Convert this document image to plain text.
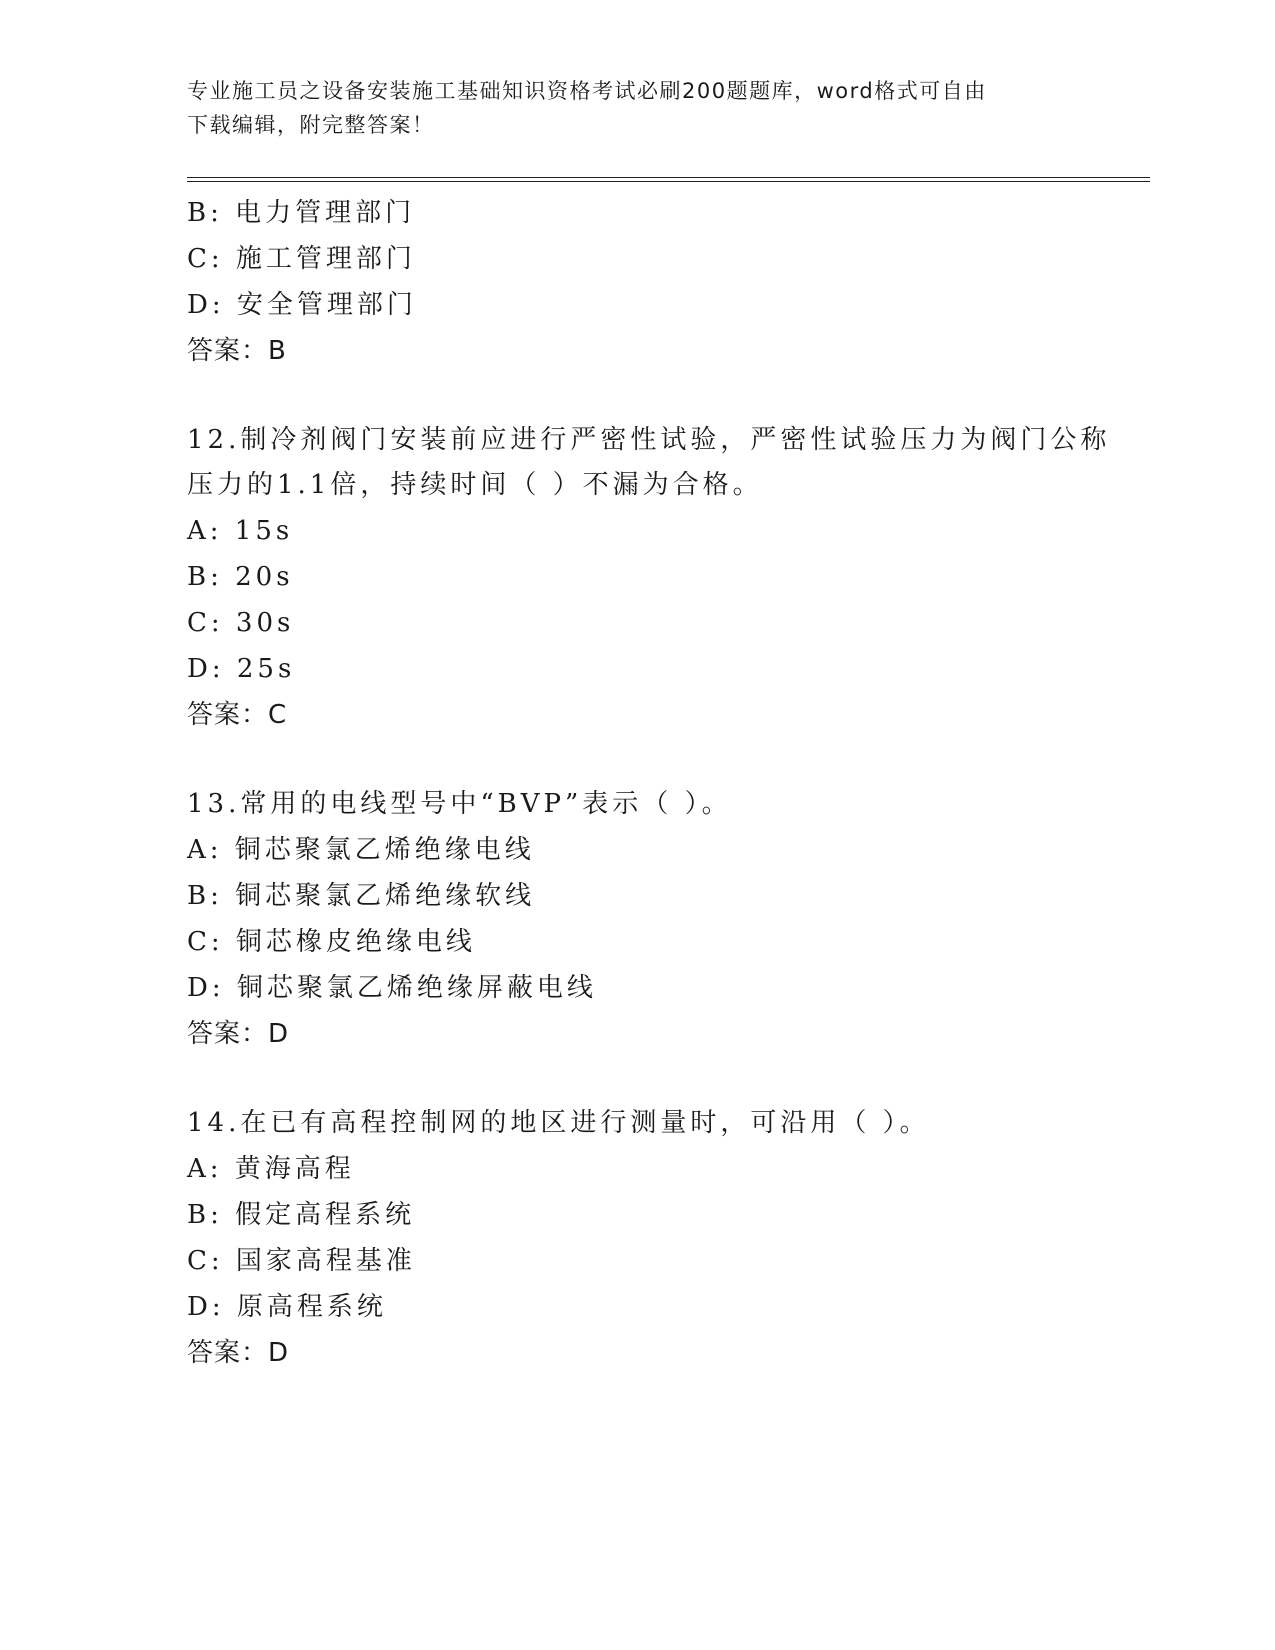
专业施工员之设备安装施工基础知识资格考试必刷200题题库，word格式可自由
下载编辑，附完整答案！
B: 电力管理部门
C: 施工管理部门
D: 安全管理部门
答案：B
12.制冷剂阀门安装前应进行严密性试验，严密性试验压力为阀门公称
压力的1.1倍，持续时间（ ）不漏为合格。
A: 15s
B: 20s
C: 30s
D: 25s
答案：C
13.常用的电线型号中“BVP”表示（ ）。
A: 铜芯聚氯乙烯绝缘电线
B: 铜芯聚氯乙烯绝缘软线
C: 铜芯橡皮绝缘电线
D: 铜芯聚氯乙烯绝缘屏蔽电线
答案：D
14.在已有高程控制网的地区进行测量时，可沿用（ ）。
A: 黄海高程
B: 假定高程系统
C: 国家高程基准
D: 原高程系统
答案：D
